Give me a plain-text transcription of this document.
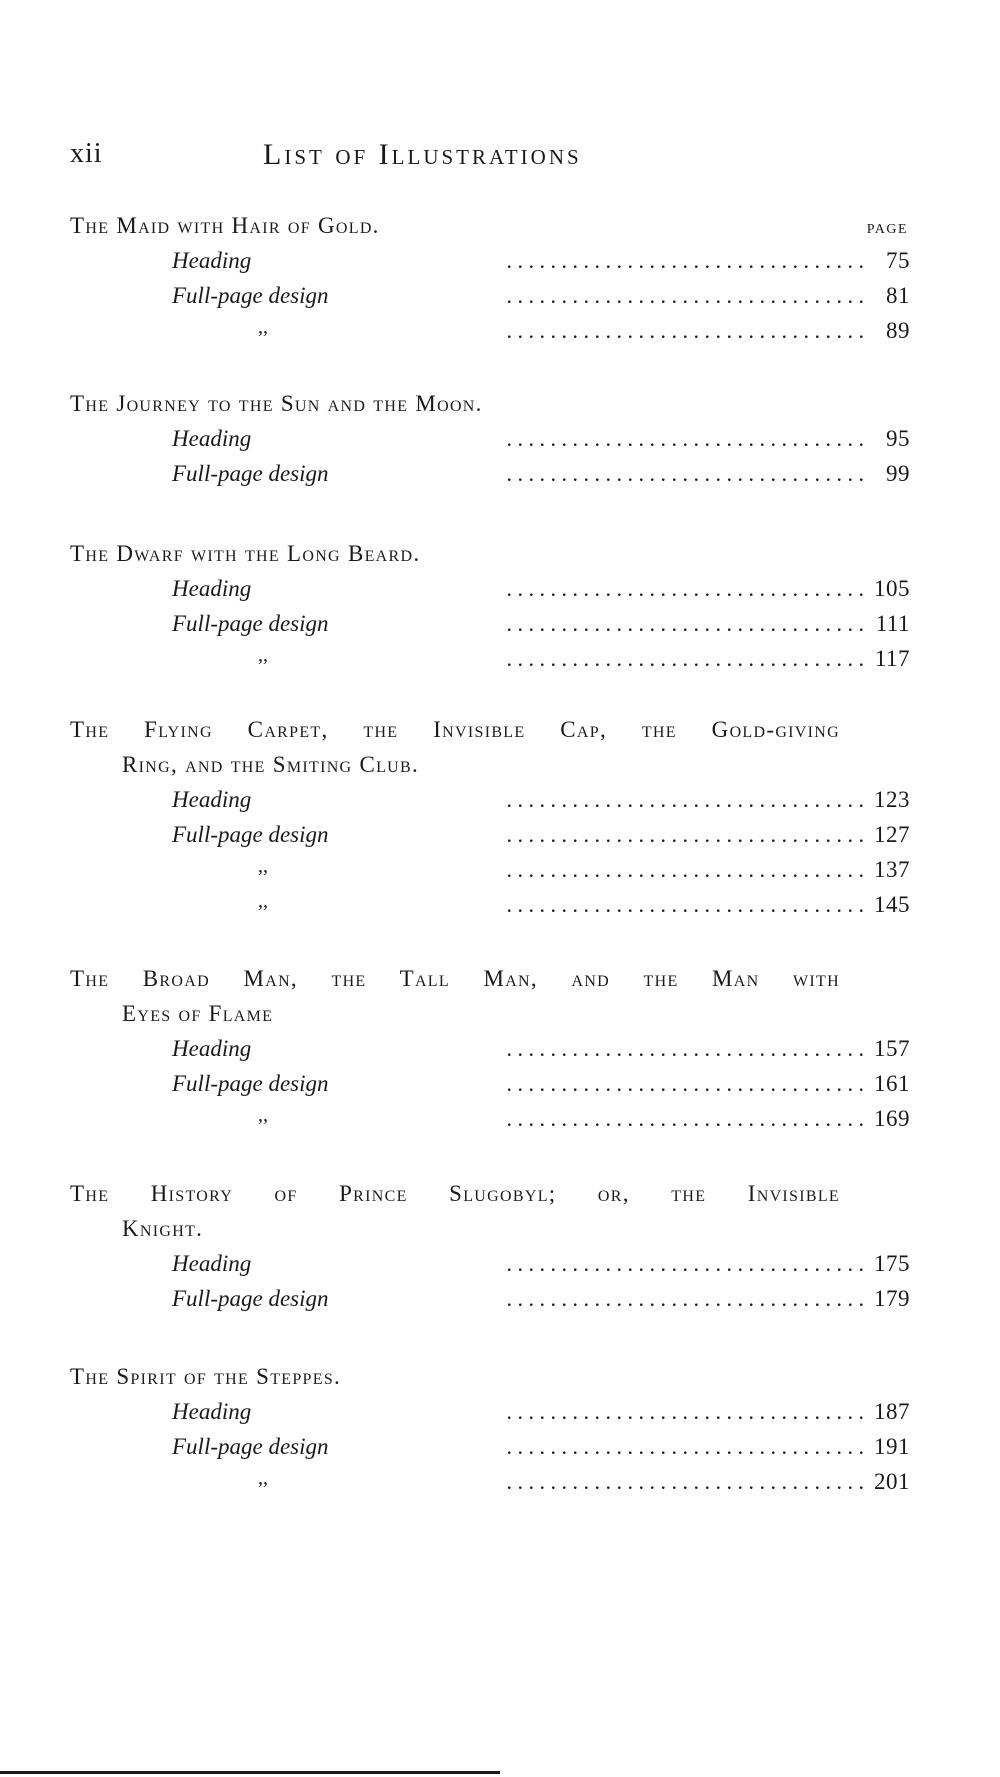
xii	List of Illustrations
PAGE
The Maid with Hair of Gold.
Heading	. . . . . . . . . . . . . . . . . . . . . . . . . . . . . . . . . 75
Full-page design	. . . . . . . . . . . . . . . . . . . . . . . . . . . . . . . . . 81
,,	. . . . . . . . . . . . . . . . . . . . . . . . . . . . . . . . . 89
The Journey to the Sun and the Moon.
Heading	. . . . . . . . . . . . . . . . . . . . . . . . . . . . . . . . . 95
Full-page design	. . . . . . . . . . . . . . . . . . . . . . . . . . . . . . . . . 99
The Dwarf with the Long Beard.
Heading	. . . . . . . . . . . . . . . . . . . . . . . . . . . . . . . . . 105
Full-page design	. . . . . . . . . . . . . . . . . . . . . . . . . . . . . . . . . 111
,,	. . . . . . . . . . . . . . . . . . . . . . . . . . . . . . . . . 117
The Flying Carpet, the Invisible Cap, the Gold-giving
Ring, and the Smiting Club.
Heading	. . . . . . . . . . . . . . . . . . . . . . . . . . . . . . . . . 123
Full-page design	. . . . . . . . . . . . . . . . . . . . . . . . . . . . . . . . . 127
,,	. . . . . . . . . . . . . . . . . . . . . . . . . . . . . . . . . 137
,,	. . . . . . . . . . . . . . . . . . . . . . . . . . . . . . . . . 145
The Broad Man, the Tall Man, and the Man with
Eyes of Flame
Heading	. . . . . . . . . . . . . . . . . . . . . . . . . . . . . . . . . 157
Full-page design	. . . . . . . . . . . . . . . . . . . . . . . . . . . . . . . . . 161
,,	. . . . . . . . . . . . . . . . . . . . . . . . . . . . . . . . . 169
The History of Prince Slugobyl; or, the Invisible
Knight.
Heading	. . . . . . . . . . . . . . . . . . . . . . . . . . . . . . . . . 175
Full-page design	. . . . . . . . . . . . . . . . . . . . . . . . . . . . . . . . . 179
The Spirit of the Steppes.
Heading	. . . . . . . . . . . . . . . . . . . . . . . . . . . . . . . . . 187
Full-page design	. . . . . . . . . . . . . . . . . . . . . . . . . . . . . . . . . 191
,,	. . . . . . . . . . . . . . . . . . . . . . . . . . . . . . . . . 201
